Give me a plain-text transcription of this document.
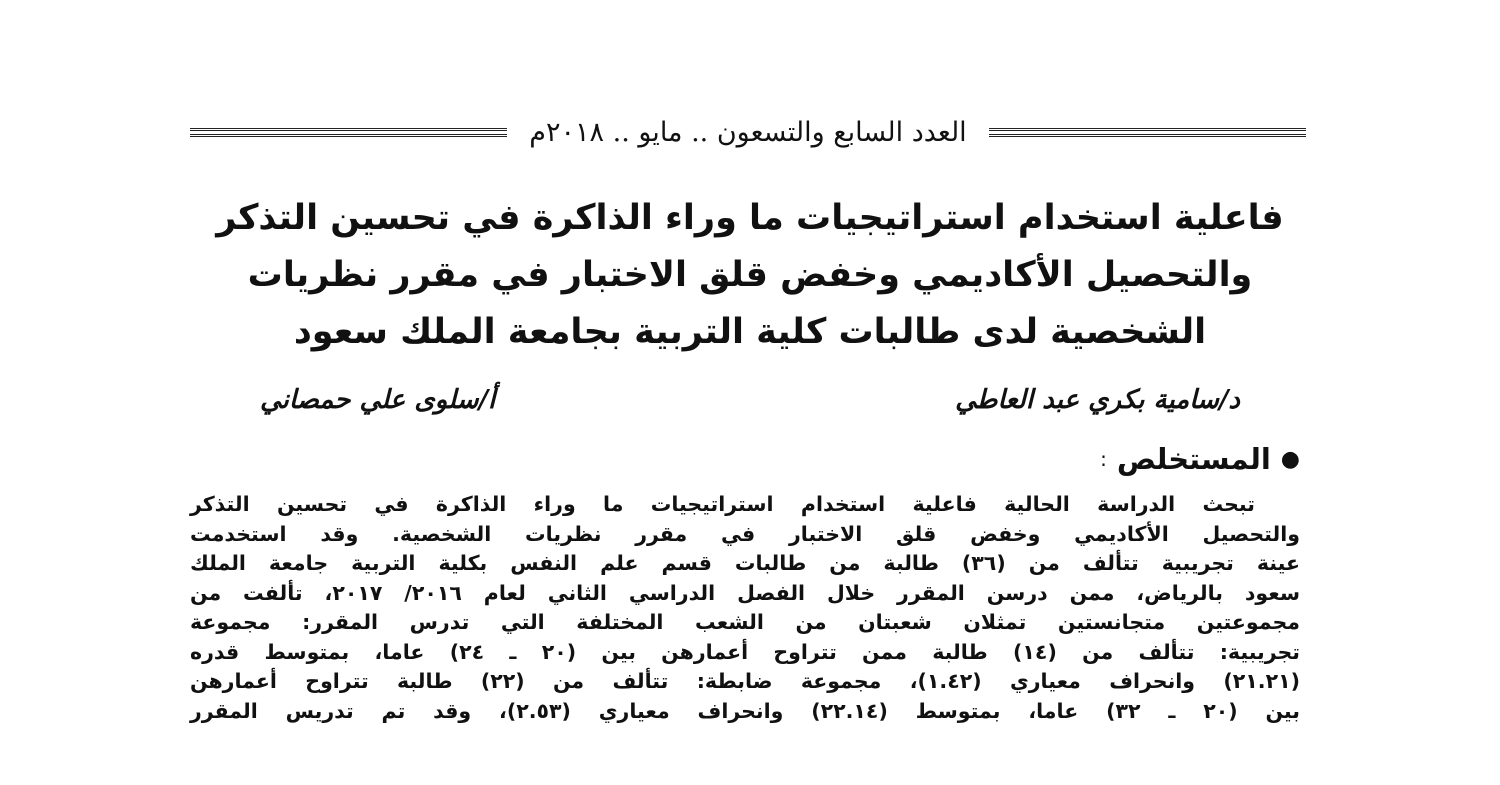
العدد السابع والتسعون .. مايو .. ٢٠١٨م
فاعلية استخدام استراتيجيات ما وراء الذاكرة في تحسين التذكر
والتحصيل الأكاديمي وخفض قلق الاختبار في مقرر نظريات
الشخصية لدى طالبات كلية التربية بجامعة الملك سعود
د/سامية بكري عبد العاطي
أ/سلوى علي حمصاني
●
المستخلص
:
تبحث الدراسة الحالية فاعلية استخدام استراتيجيات ما وراء الذاكرة في تحسين التذكر
والتحصيل الأكاديمي وخفض قلق الاختبار في مقرر نظريات الشخصية. وقد استخدمت
عينة تجريبية تتألف من (٣٦) طالبة من طالبات قسم علم النفس بكلية التربية جامعة الملك
سعود بالرياض، ممن درسن المقرر خلال الفصل الدراسي الثاني لعام ٢٠١٦/ ٢٠١٧، تألفت من
مجموعتين متجانستين تمثلان شعبتان من الشعب المختلفة التي تدرس المقرر: مجموعة
تجريبية: تتألف من (١٤) طالبة ممن تتراوح أعمارهن بين (٢٠ ـ ٢٤) عاما، بمتوسط قدره
(٢١.٢١) وانحراف معياري (١.٤٢)، مجموعة ضابطة: تتألف من (٢٢) طالبة تتراوح أعمارهن
بين (٢٠ ـ ٣٢) عاما، بمتوسط (٢٢.١٤) وانحراف معياري (٢.٥٣)، وقد تم تدريس المقرر
